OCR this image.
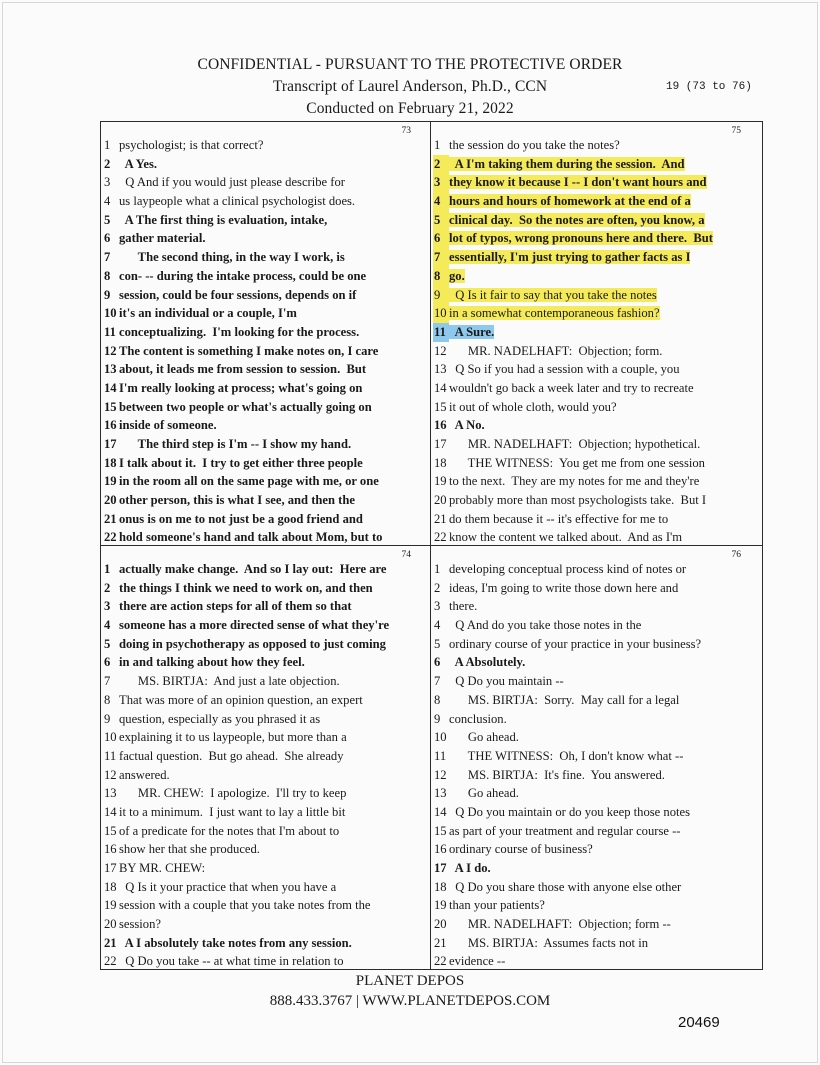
CONFIDENTIAL - PURSUANT TO THE PROTECTIVE ORDER
Transcript of Laurel Anderson, Ph.D., CCN
Conducted on February 21, 2022
19 (73 to 76)
73
1 psychologist; is that correct?
2  A Yes.
3  Q And if you would just please describe for
4 us laypeople what a clinical psychologist does.
5  A The first thing is evaluation, intake,
6 gather material.
7      The second thing, in the way I work, is
8 con- -- during the intake process, could be one
9 session, could be four sessions, depends on if
10 it's an individual or a couple, I'm
11 conceptualizing.  I'm looking for the process.
12 The content is something I make notes on, I care
13 about, it leads me from session to session.  But
14 I'm really looking at process; what's going on
15 between two people or what's actually going on
16 inside of someone.
17      The third step is I'm -- I show my hand.
18 I talk about it.  I try to get either three people
19 in the room all on the same page with me, or one
20 other person, this is what I see, and then the
21 onus is on me to not just be a good friend and
22 hold someone's hand and talk about Mom, but to
75
1 the session do you take the notes?
2  A I'm taking them during the session.  And
3 they know it because I -- I don't want hours and
4 hours and hours of homework at the end of a
5 clinical day.  So the notes are often, you know, a
6 lot of typos, wrong pronouns here and there.  But
7 essentially, I'm just trying to gather facts as I
8 go.
9  Q Is it fair to say that you take the notes
10 in a somewhat contemporaneous fashion?
11  A Sure.
12      MR. NADELHAFT:  Objection; form.
13  Q So if you had a session with a couple, you
14 wouldn't go back a week later and try to recreate
15 it out of whole cloth, would you?
16  A No.
17      MR. NADELHAFT:  Objection; hypothetical.
18      THE WITNESS:  You get me from one session
19 to the next.  They are my notes for me and they're
20 probably more than most psychologists take.  But I
21 do them because it -- it's effective for me to
22 know the content we talked about.  And as I'm
74
1 actually make change.  And so I lay out:  Here are
2 the things I think we need to work on, and then
3 there are action steps for all of them so that
4 someone has a more directed sense of what they're
5 doing in psychotherapy as opposed to just coming
6 in and talking about how they feel.
7      MS. BIRTJA:  And just a late objection.
8 That was more of an opinion question, an expert
9 question, especially as you phrased it as
10 explaining it to us laypeople, but more than a
11 factual question.  But go ahead.  She already
12 answered.
13      MR. CHEW:  I apologize.  I'll try to keep
14 it to a minimum.  I just want to lay a little bit
15 of a predicate for the notes that I'm about to
16 show her that she produced.
17 BY MR. CHEW:
18  Q Is it your practice that when you have a
19 session with a couple that you take notes from the
20 session?
21  A I absolutely take notes from any session.
22  Q Do you take -- at what time in relation to
76
1 developing conceptual process kind of notes or
2 ideas, I'm going to write those down here and
3 there.
4  Q And do you take those notes in the
5 ordinary course of your practice in your business?
6  A Absolutely.
7  Q Do you maintain --
8      MS. BIRTJA:  Sorry.  May call for a legal
9 conclusion.
10      Go ahead.
11      THE WITNESS:  Oh, I don't know what --
12      MS. BIRTJA:  It's fine.  You answered.
13      Go ahead.
14  Q Do you maintain or do you keep those notes
15 as part of your treatment and regular course --
16 ordinary course of business?
17  A I do.
18  Q Do you share those with anyone else other
19 than your patients?
20      MR. NADELHAFT:  Objection; form --
21      MS. BIRTJA:  Assumes facts not in
22 evidence --
PLANET DEPOS
888.433.3767 | WWW.PLANETDEPOS.COM
20469
